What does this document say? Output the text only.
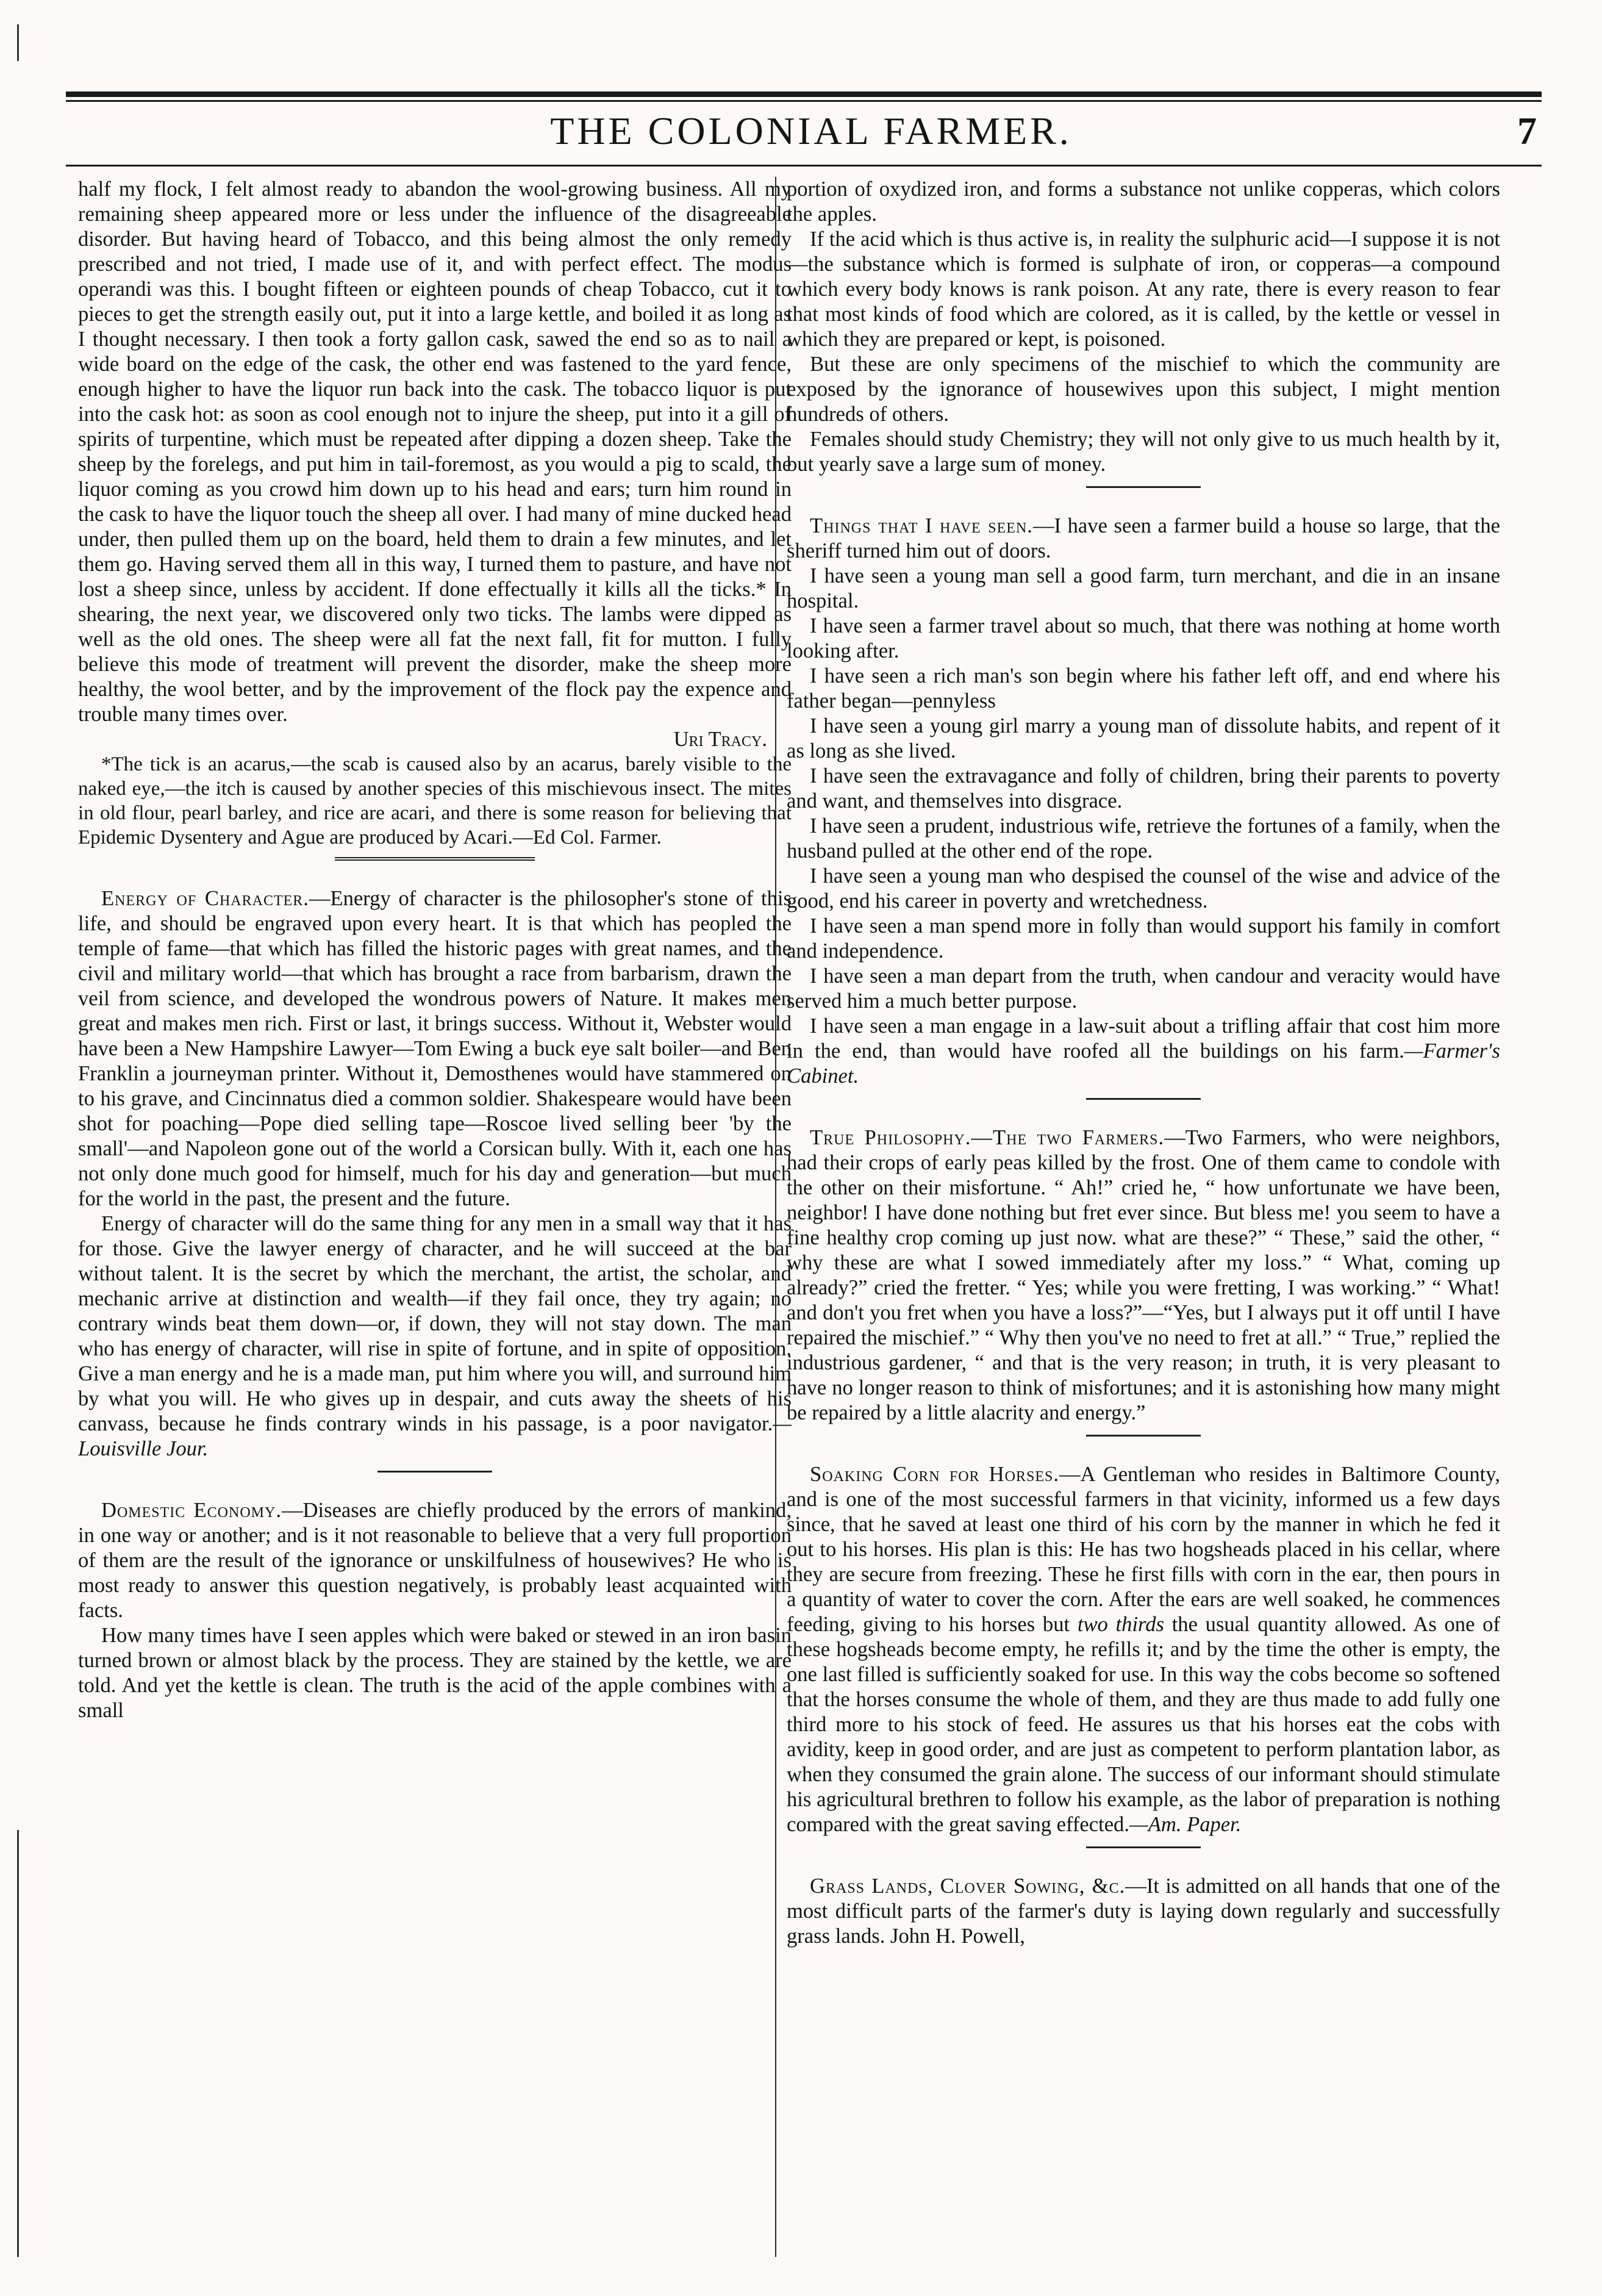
THE COLONIAL FARMER.	7

half my flock, I felt almost ready to abandon the wool-growing business. All my remaining sheep appeared more or less under the influence of the disagreeable disorder. But having heard of Tobacco, and this being almost the only remedy prescribed and not tried, I made use of it, and with perfect effect. The modus operandi was this. I bought fifteen or eighteen pounds of cheap Tobacco, cut it to pieces to get the strength easily out, put it into a large kettle, and boiled it as long as I thought necessary. I then took a forty gallon cask, sawed the end so as to nail a wide board on the edge of the cask, the other end was fastened to the yard fence, enough higher to have the liquor run back into the cask. The tobacco liquor is put into the cask hot: as soon as cool enough not to injure the sheep, put into it a gill of spirits of turpentine, which must be repeated after dipping a dozen sheep. Take the sheep by the forelegs, and put him in tail-foremost, as you would a pig to scald, the liquor coming as you crowd him down up to his head and ears; turn him round in the cask to have the liquor touch the sheep all over. I had many of mine ducked head under, then pulled them up on the board, held them to drain a few minutes, and let them go. Having served them all in this way, I turned them to pasture, and have not lost a sheep since, unless by accident. If done effectually it kills all the ticks.* In shearing, the next year, we discovered only two ticks. The lambs were dipped as well as the old ones. The sheep were all fat the next fall, fit for mutton. I fully believe this mode of treatment will prevent the disorder, make the sheep more healthy, the wool better, and by the improvement of the flock pay the expence and trouble many times over.

Uri Tracy.

*The tick is an acarus,—the scab is caused also by an acarus, barely visible to the naked eye,—the itch is caused by another species of this mischievous insect. The mites in old flour, pearl barley, and rice are acari, and there is some reason for believing that Epidemic Dysentery and Ague are produced by Acari.—Ed Col. Farmer.

Energy of Character.—Energy of character is the philosopher's stone of this life, and should be engraved upon every heart. It is that which has peopled the temple of fame—that which has filled the historic pages with great names, and the civil and military world—that which has brought a race from barbarism, drawn the veil from science, and developed the wondrous powers of Nature. It makes men great and makes men rich. First or last, it brings success. Without it, Webster would have been a New Hampshire Lawyer—Tom Ewing a buck eye salt boiler—and Ben Franklin a journeyman printer. Without it, Demosthenes would have stammered on to his grave, and Cincinnatus died a common soldier. Shakespeare would have been shot for poaching—Pope died selling tape—Roscoe lived selling beer 'by the small'—and Napoleon gone out of the world a Corsican bully. With it, each one has not only done much good for himself, much for his day and generation—but much for the world in the past, the present and the future.

Energy of character will do the same thing for any men in a small way that it has for those. Give the lawyer energy of character, and he will succeed at the bar without talent. It is the secret by which the merchant, the artist, the scholar, and mechanic arrive at distinction and wealth—if they fail once, they try again; no contrary winds beat them down—or, if down, they will not stay down. The man who has energy of character, will rise in spite of fortune, and in spite of opposition. Give a man energy and he is a made man, put him where you will, and surround him by what you will. He who gives up in despair, and cuts away the sheets of his canvass, because he finds contrary winds in his passage, is a poor navigator.—Louisville Jour.

Domestic Economy.—Diseases are chiefly produced by the errors of mankind, in one way or another; and is it not reasonable to believe that a very full proportion of them are the result of the ignorance or unskilfulness of housewives? He who is most ready to answer this question negatively, is probably least acquainted with facts.

How many times have I seen apples which were baked or stewed in an iron basin turned brown or almost black by the process. They are stained by the kettle, we are told. And yet the kettle is clean. The truth is the acid of the apple combines with a small

portion of oxydized iron, and forms a substance not unlike copperas, which colors the apples.

If the acid which is thus active is, in reality the sulphuric acid—I suppose it is not—the substance which is formed is sulphate of iron, or copperas—a compound which every body knows is rank poison. At any rate, there is every reason to fear that most kinds of food which are colored, as it is called, by the kettle or vessel in which they are prepared or kept, is poisoned.

But these are only specimens of the mischief to which the community are exposed by the ignorance of housewives upon this subject, I might mention hundreds of others.

Females should study Chemistry; they will not only give to us much health by it, but yearly save a large sum of money.

Things that I have seen.—I have seen a farmer build a house so large, that the sheriff turned him out of doors.

I have seen a young man sell a good farm, turn merchant, and die in an insane hospital.

I have seen a farmer travel about so much, that there was nothing at home worth looking after.

I have seen a rich man's son begin where his father left off, and end where his father began—pennyless

I have seen a young girl marry a young man of dissolute habits, and repent of it as long as she lived.

I have seen the extravagance and folly of children, bring their parents to poverty and want, and themselves into disgrace.

I have seen a prudent, industrious wife, retrieve the fortunes of a family, when the husband pulled at the other end of the rope.

I have seen a young man who despised the counsel of the wise and advice of the good, end his career in poverty and wretchedness.

I have seen a man spend more in folly than would support his family in comfort and independence.

I have seen a man depart from the truth, when candour and veracity would have served him a much better purpose.

I have seen a man engage in a law-suit about a trifling affair that cost him more in the end, than would have roofed all the buildings on his farm.—Farmer's Cabinet.

True Philosophy.—The two Farmers.—Two Farmers, who were neighbors, had their crops of early peas killed by the frost. One of them came to condole with the other on their misfortune. “ Ah!” cried he, “ how unfortunate we have been, neighbor! I have done nothing but fret ever since. But bless me! you seem to have a fine healthy crop coming up just now. what are these?” “ These,” said the other, “ why these are what I sowed immediately after my loss.” “ What, coming up already?” cried the fretter. “ Yes; while you were fretting, I was working.” “ What! and don't you fret when you have a loss?”—“Yes, but I always put it off until I have repaired the mischief.” “ Why then you've no need to fret at all.” “ True,” replied the industrious gardener, “ and that is the very reason; in truth, it is very pleasant to have no longer reason to think of misfortunes; and it is astonishing how many might be repaired by a little alacrity and energy.”

Soaking Corn for Horses.—A Gentleman who resides in Baltimore County, and is one of the most successful farmers in that vicinity, informed us a few days since, that he saved at least one third of his corn by the manner in which he fed it out to his horses. His plan is this: He has two hogsheads placed in his cellar, where they are secure from freezing. These he first fills with corn in the ear, then pours in a quantity of water to cover the corn. After the ears are well soaked, he commences feeding, giving to his horses but two thirds the usual quantity allowed. As one of these hogsheads become empty, he refills it; and by the time the other is empty, the one last filled is sufficiently soaked for use. In this way the cobs become so softened that the horses consume the whole of them, and they are thus made to add fully one third more to his stock of feed. He assures us that his horses eat the cobs with avidity, keep in good order, and are just as competent to perform plantation labor, as when they consumed the grain alone. The success of our informant should stimulate his agricultural brethren to follow his example, as the labor of preparation is nothing compared with the great saving effected.—Am. Paper.

Grass Lands, Clover Sowing, &c.—It is admitted on all hands that one of the most difficult parts of the farmer's duty is laying down regularly and successfully grass lands. John H. Powell,
